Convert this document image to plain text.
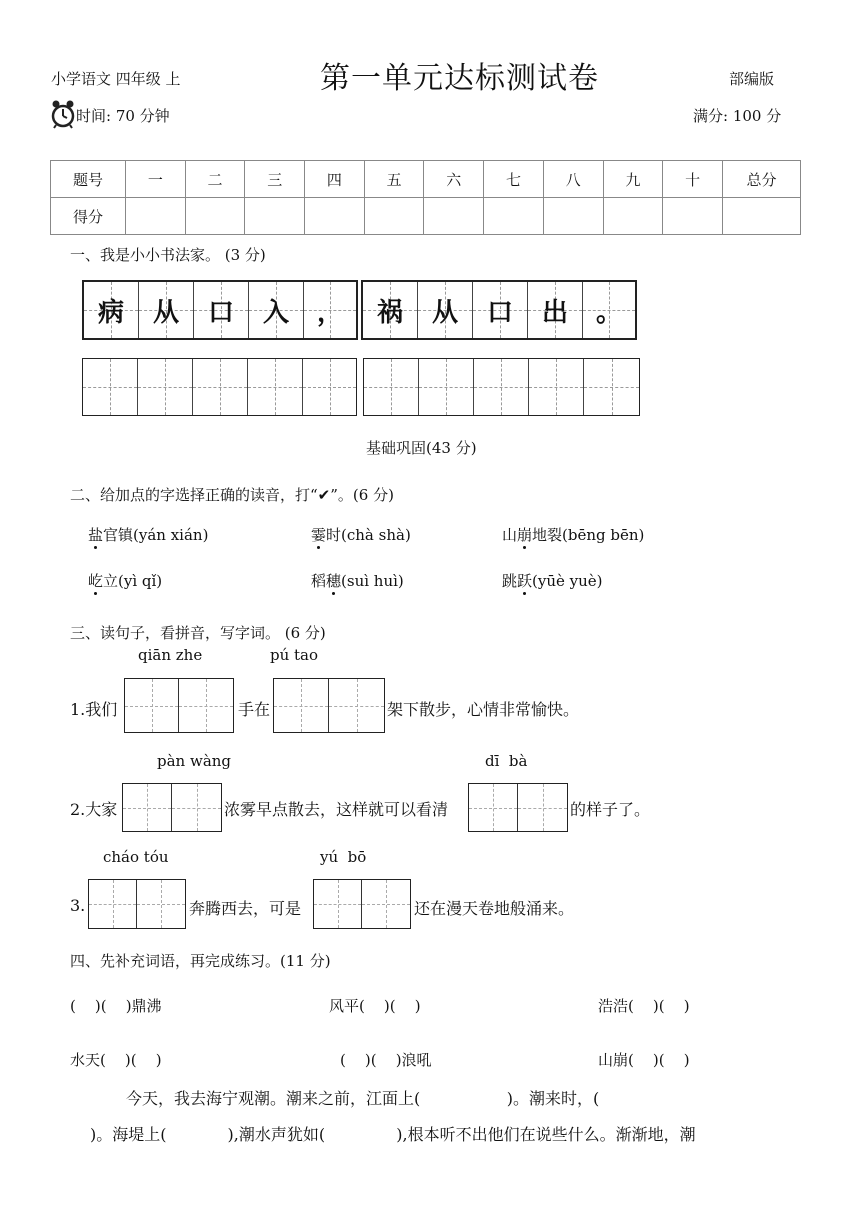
小学语文 四年级 上	第一单元达标测试卷	部编版
时间: 70 分钟	满分: 100 分
题号	一	二	三	四	五	六	七	八	九	十	总分
得分											
一、我是小小书法家。 (3 分)
病 从 口 入 ， 祸 从 口 出 。
基础巩固(43 分)
二、给加点的字选择正确的读音，打“✔”。(6 分)
盐官镇(yán xián)	霎时(chà shà)	山崩地裂(bēng bēn)
屹立(yì qǐ)	稻穗(suì huì)	跳跃(yūè yuè)
三、读句子，看拼音，写字词。 (6 分)
qiān zhe	pú tao
1.我们	手在	架下散步，心情非常愉快。
pàn wàng	dī  bà
2.大家	浓雾早点散去，这样就可以看清	的样子了。
cháo tóu	yú  bō
3.	奔腾西去，可是	还在漫天卷地般涌来。
四、先补充词语，再完成练习。(11 分)
(    )(    )鼎沸	风平(    )(    )	浩浩(    )(    )
水天(    )(    )	(    )(    )浪吼	山崩(    )(    )
今天，我去海宁观潮。潮来之前，江面上(                 )。潮来时，(
)。海堤上(            ),潮水声犹如(              ),根本听不出他们在说些什么。渐渐地，潮
